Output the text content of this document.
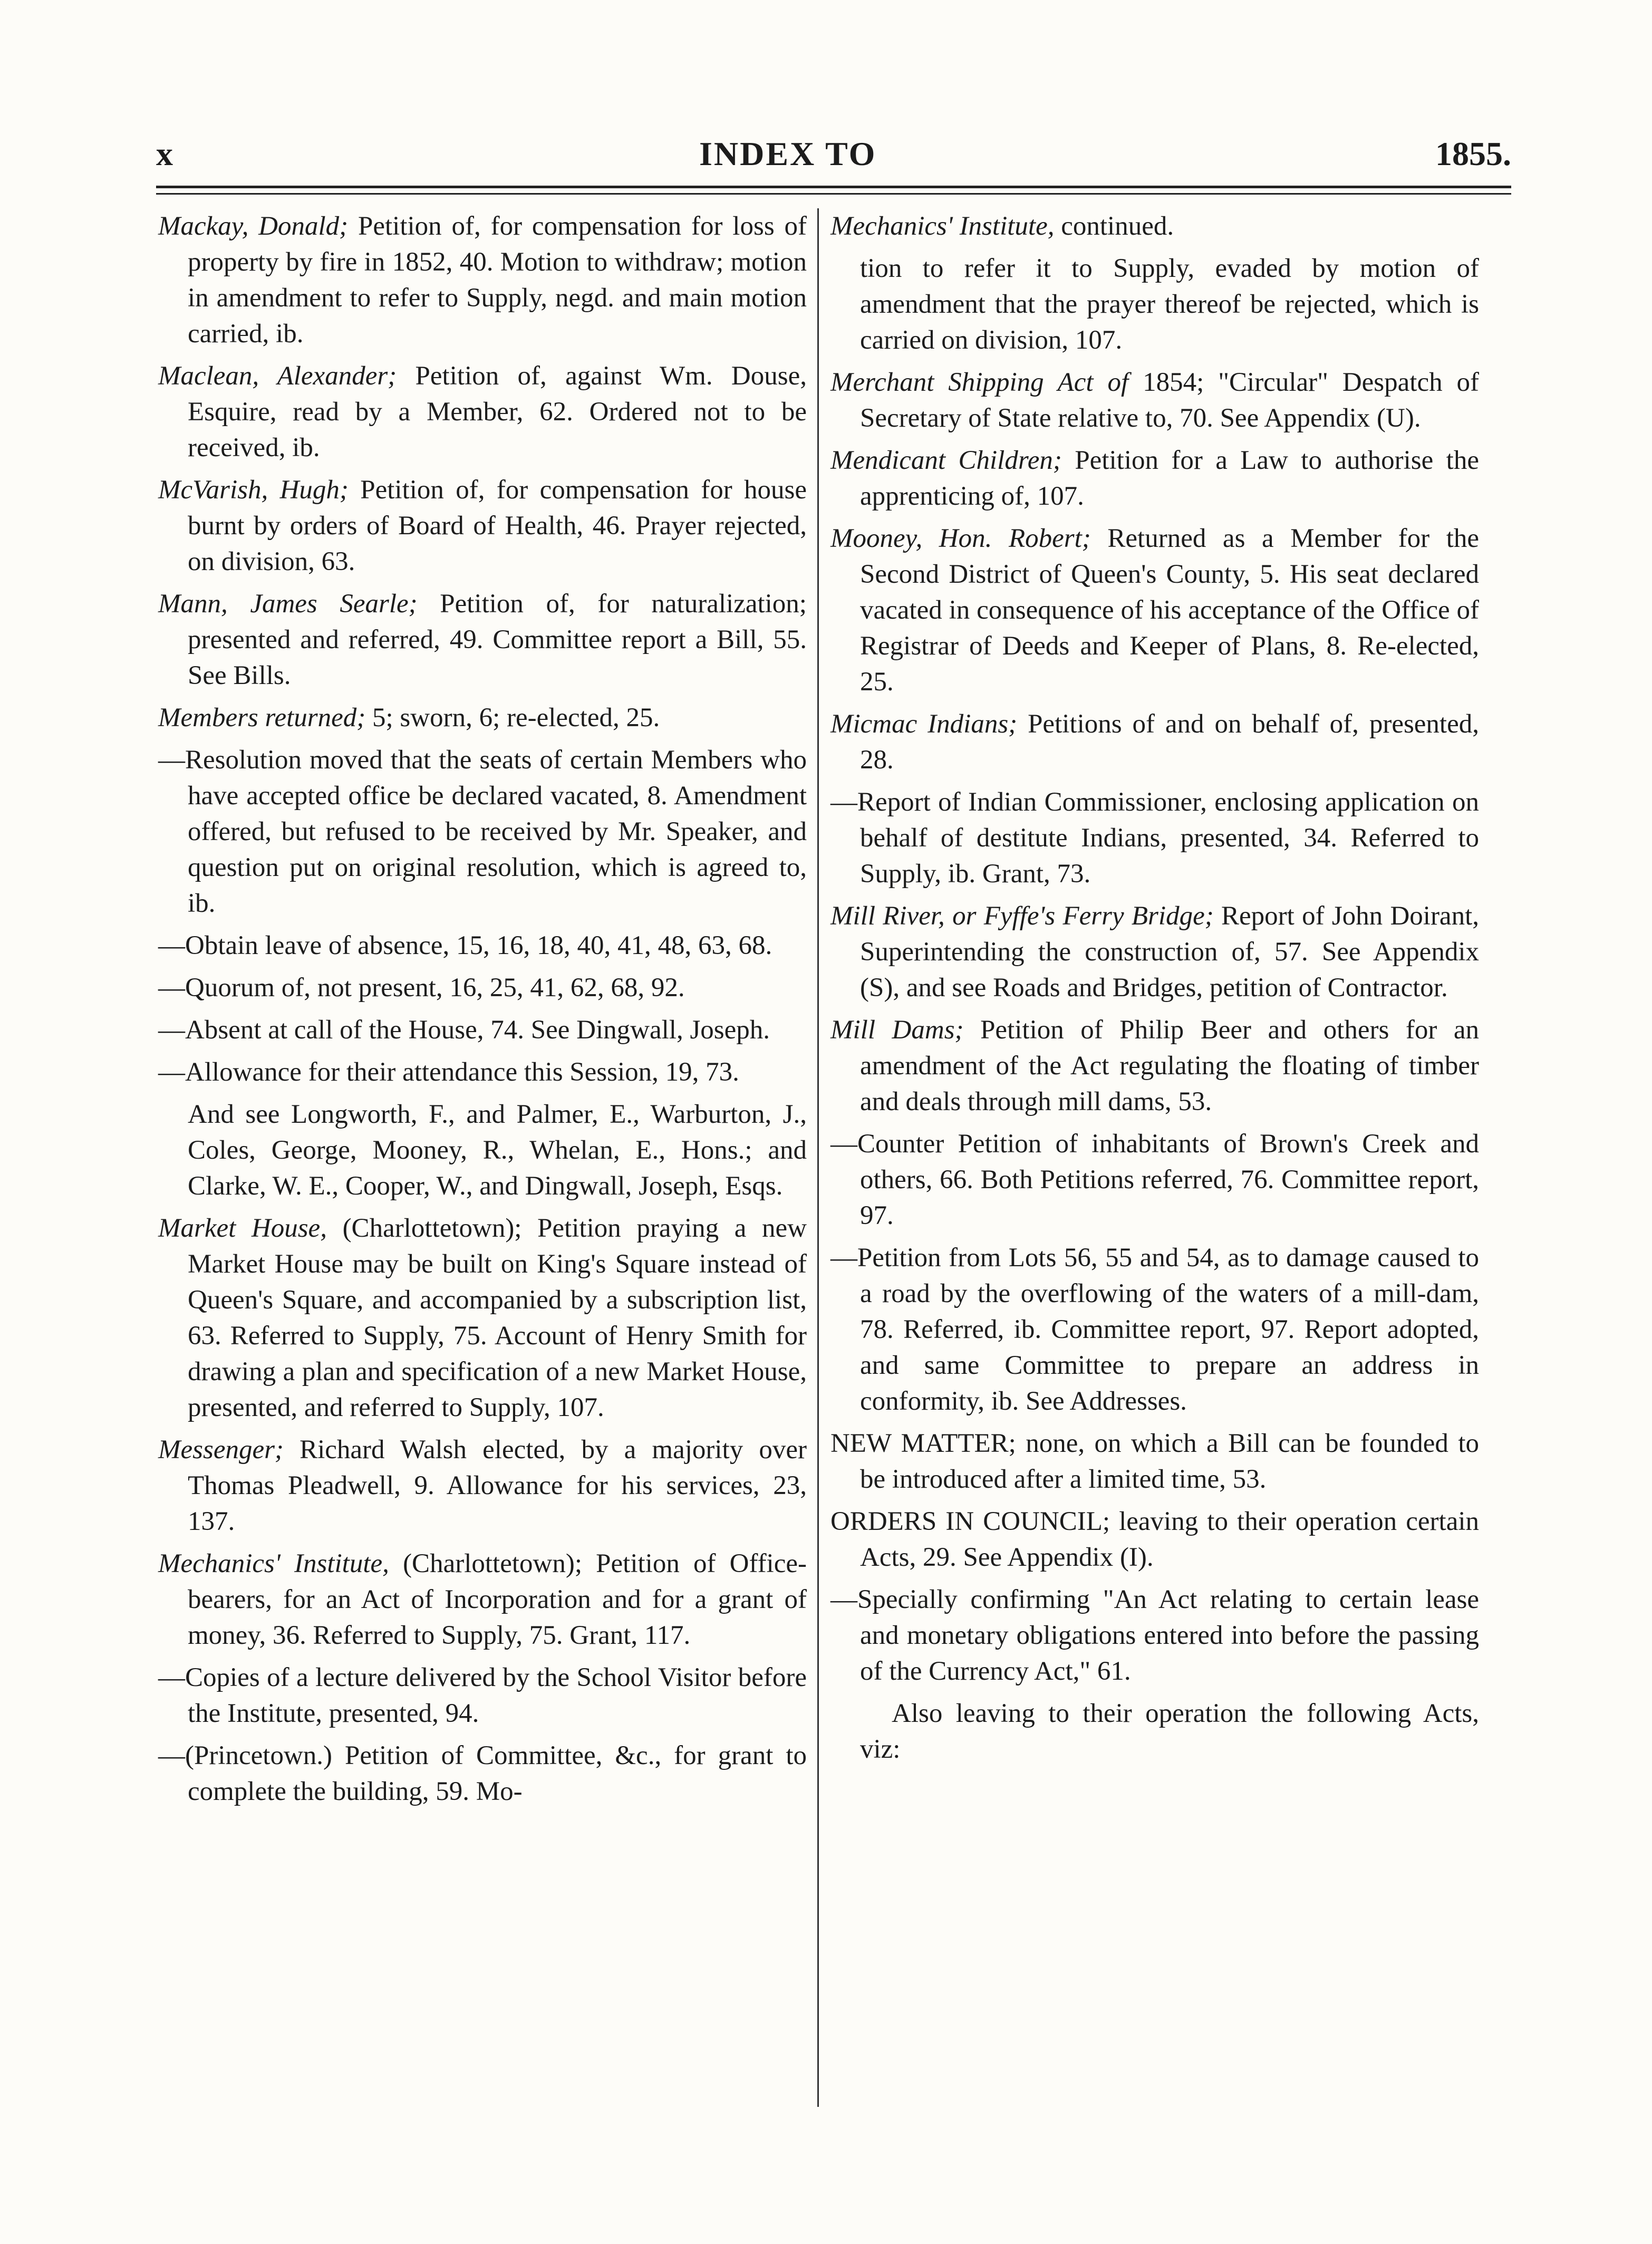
x	INDEX TO	1855.

Mackay, Donald; Petition of, for compensation for loss of property by fire in 1852, 40. Motion to withdraw; motion in amendment to refer to Supply, negd. and main motion carried, ib.

Maclean, Alexander; Petition of, against Wm. Douse, Esquire, read by a Member, 62. Ordered not to be received, ib.

McVarish, Hugh; Petition of, for compensation for house burnt by orders of Board of Health, 46. Prayer rejected, on division, 63.

Mann, James Searle; Petition of, for naturalization; presented and referred, 49. Committee report a Bill, 55. See Bills.

Members returned; 5; sworn, 6; re-elected, 25.

—Resolution moved that the seats of certain Members who have accepted office be declared vacated, 8. Amendment offered, but refused to be received by Mr. Speaker, and question put on original resolution, which is agreed to, ib.

—Obtain leave of absence, 15, 16, 18, 40, 41, 48, 63, 68.

—Quorum of, not present, 16, 25, 41, 62, 68, 92.

—Absent at call of the House, 74. See Dingwall, Joseph.

—Allowance for their attendance this Session, 19, 73.

And see Longworth, F., and Palmer, E., Warburton, J., Coles, George, Mooney, R., Whelan, E., Hons.; and Clarke, W. E., Cooper, W., and Dingwall, Joseph, Esqs.

Market House, (Charlottetown); Petition praying a new Market House may be built on King's Square instead of Queen's Square, and accompanied by a subscription list, 63. Referred to Supply, 75. Account of Henry Smith for drawing a plan and specification of a new Market House, presented, and referred to Supply, 107.

Messenger; Richard Walsh elected, by a majority over Thomas Pleadwell, 9. Allowance for his services, 23, 137.

Mechanics' Institute, (Charlottetown); Petition of Office-bearers, for an Act of Incorporation and for a grant of money, 36. Referred to Supply, 75. Grant, 117.

—Copies of a lecture delivered by the School Visitor before the Institute, presented, 94.

—(Princetown.) Petition of Committee, &c., for grant to complete the building, 59. Mo-

Mechanics' Institute, continued.

tion to refer it to Supply, evaded by motion of amendment that the prayer thereof be rejected, which is carried on division, 107.

Merchant Shipping Act of 1854; "Circular" Despatch of Secretary of State relative to, 70. See Appendix (U).

Mendicant Children; Petition for a Law to authorise the apprenticing of, 107.

Mooney, Hon. Robert; Returned as a Member for the Second District of Queen's County, 5. His seat declared vacated in consequence of his acceptance of the Office of Registrar of Deeds and Keeper of Plans, 8. Re-elected, 25.

Micmac Indians; Petitions of and on behalf of, presented, 28.

—Report of Indian Commissioner, enclosing application on behalf of destitute Indians, presented, 34. Referred to Supply, ib. Grant, 73.

Mill River, or Fyffe's Ferry Bridge; Report of John Doirant, Superintending the construction of, 57. See Appendix (S), and see Roads and Bridges, petition of Contractor.

Mill Dams; Petition of Philip Beer and others for an amendment of the Act regulating the floating of timber and deals through mill dams, 53.

—Counter Petition of inhabitants of Brown's Creek and others, 66. Both Petitions referred, 76. Committee report, 97.

—Petition from Lots 56, 55 and 54, as to damage caused to a road by the overflowing of the waters of a mill-dam, 78. Referred, ib. Committee report, 97. Report adopted, and same Committee to prepare an address in conformity, ib. See Addresses.

NEW MATTER; none, on which a Bill can be founded to be introduced after a limited time, 53.

ORDERS IN COUNCIL; leaving to their operation certain Acts, 29. See Appendix (I).

—Specially confirming "An Act relating to certain lease and monetary obligations entered into before the passing of the Currency Act," 61.

Also leaving to their operation the following Acts, viz:
